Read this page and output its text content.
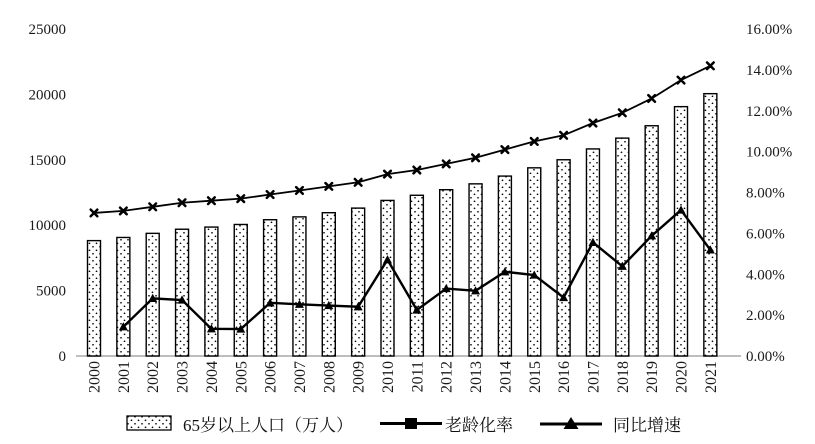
0
5000
10000
15000
20000
25000
0.00%
2.00%
4.00%
6.00%
8.00%
10.00%
12.00%
14.00%
16.00%
2000 2001 2002 2003 2004 2005 2006 2007 2008 2009 2010 2011 2012 2013 2014 2015 2016 2017 2018 2019 2020 2021
65岁以上人口（万人）	老龄化率	同比增速
